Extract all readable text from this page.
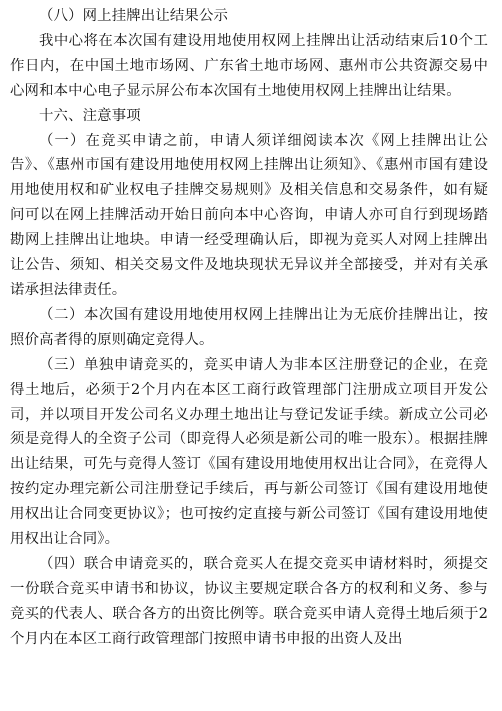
（八）网上挂牌出让结果公示

我中心将在本次国有建设用地使用权网上挂牌出让活动结束后10个工作日内，在中国土地市场网、广东省土地市场网、惠州市公共资源交易中心网和本中心电子显示屏公布本次国有土地使用权网上挂牌出让结果。

十六、注意事项

（一）在竞买申请之前，申请人须详细阅读本次《网上挂牌出让公告》、《惠州市国有建设用地使用权网上挂牌出让须知》、《惠州市国有建设用地使用权和矿业权电子挂牌交易规则》及相关信息和交易条件，如有疑问可以在网上挂牌活动开始日前向本中心咨询，申请人亦可自行到现场踏勘网上挂牌出让地块。申请一经受理确认后，即视为竞买人对网上挂牌出让公告、须知、相关交易文件及地块现状无异议并全部接受，并对有关承诺承担法律责任。

（二）本次国有建设用地使用权网上挂牌出让为无底价挂牌出让，按照价高者得的原则确定竞得人。

（三）单独申请竞买的，竞买申请人为非本区注册登记的企业，在竞得土地后，必须于2个月内在本区工商行政管理部门注册成立项目开发公司，并以项目开发公司名义办理土地出让与登记发证手续。新成立公司必须是竞得人的全资子公司（即竞得人必须是新公司的唯一股东）。根据挂牌出让结果，可先与竞得人签订《国有建设用地使用权出让合同》，在竞得人按约定办理完新公司注册登记手续后，再与新公司签订《国有建设用地使用权出让合同变更协议》；也可按约定直接与新公司签订《国有建设用地使用权出让合同》。

（四）联合申请竞买的，联合竞买人在提交竞买申请材料时，须提交一份联合竞买申请书和协议，协议主要规定联合各方的权利和义务、参与竞买的代表人、联合各方的出资比例等。联合竞买申请人竞得土地后须于2个月内在本区工商行政管理部门按照申请书申报的出资人及出
